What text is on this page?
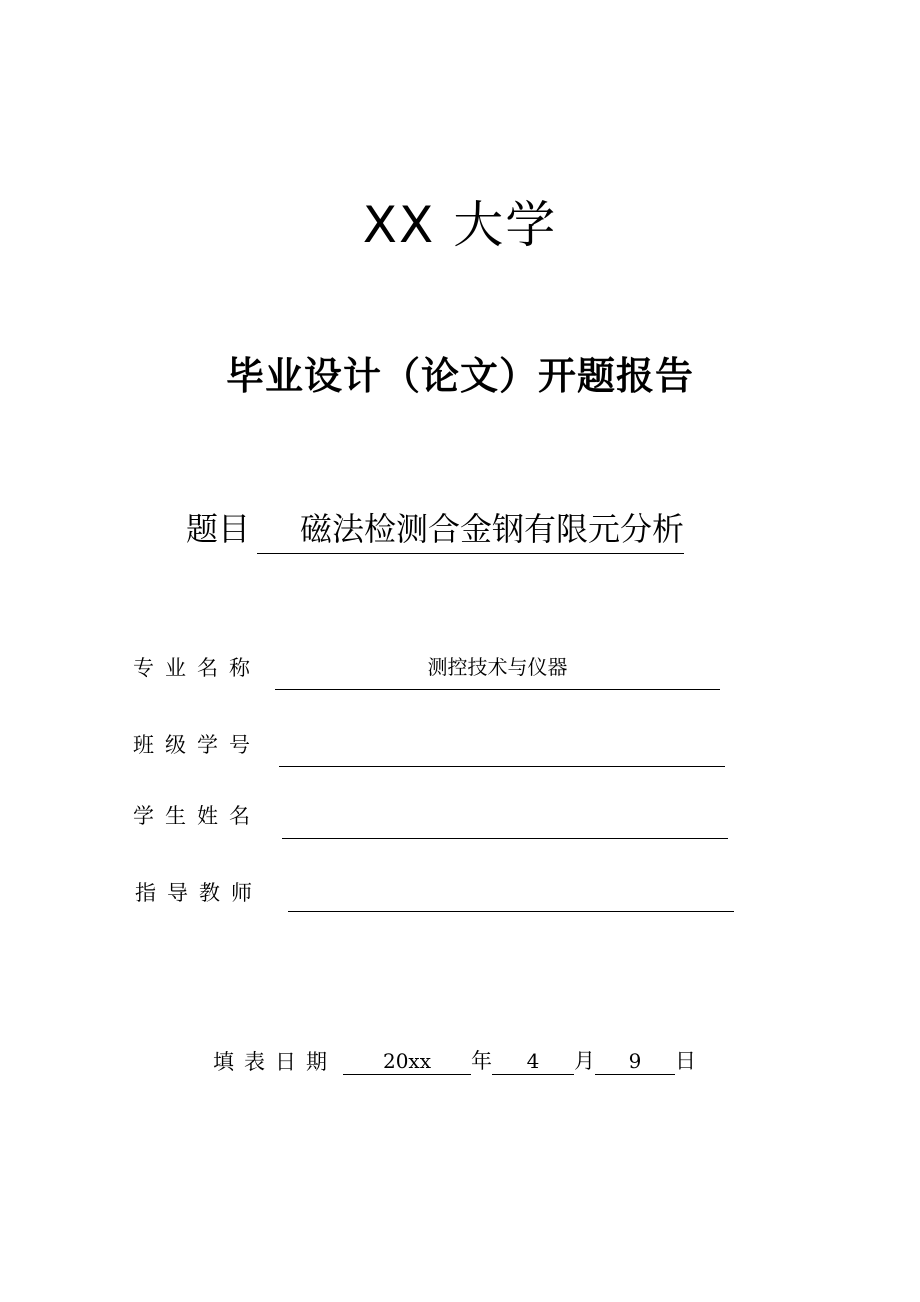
XX 大学
毕业设计（论文）开题报告
题目	磁法检测合金钢有限元分析
专业名称	测控技术与仪器
班级学号
学生姓名
指导教师
填表日期	20xx	年	4	月	9	日
